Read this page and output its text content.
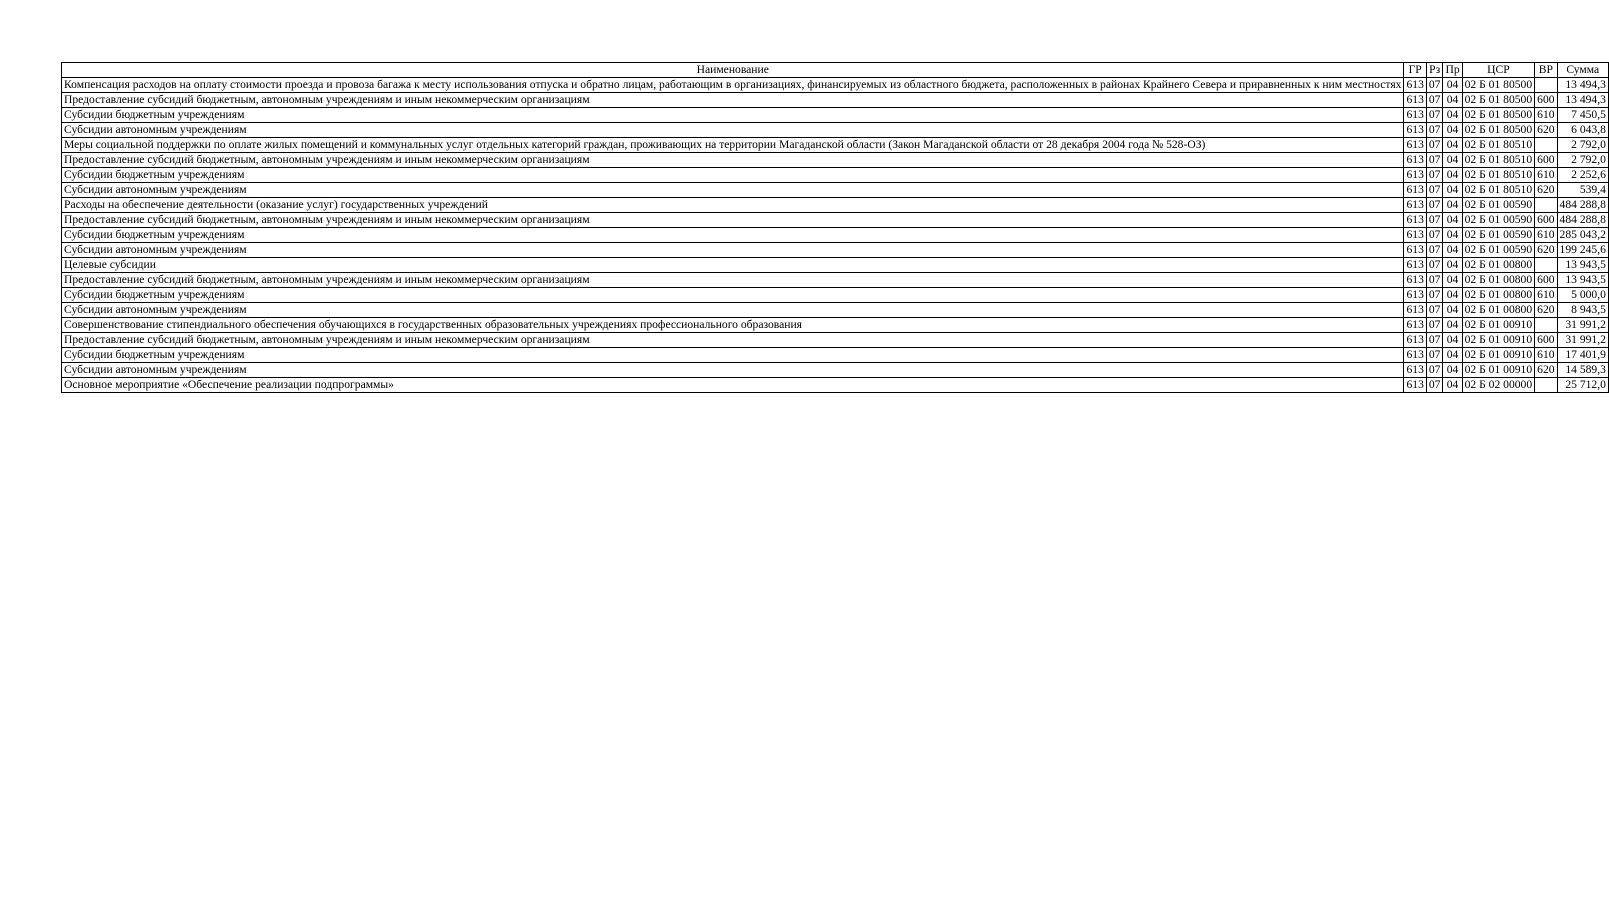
Наименование	ГР	Рз	Пр	ЦСР	ВР	Сумма
Компенсация расходов на оплату стоимости проезда и провоза багажа к месту использования отпуска и обратно лицам, работающим в организациях, финансируемых из областного бюджета, расположенных в районах Крайнего Севера и приравненных к ним местностях	613	07	04	02 Б 01 80500		13 494,3
Предоставление субсидий бюджетным, автономным учреждениям и иным некоммерческим организациям	613	07	04	02 Б 01 80500	600	13 494,3
Субсидии бюджетным учреждениям	613	07	04	02 Б 01 80500	610	7 450,5
Субсидии автономным учреждениям	613	07	04	02 Б 01 80500	620	6 043,8
Меры социальной поддержки по оплате жилых помещений и коммунальных услуг отдельных категорий граждан, проживающих на территории Магаданской области (Закон Магаданской области от 28 декабря 2004 года № 528-ОЗ)	613	07	04	02 Б 01 80510		2 792,0
Предоставление субсидий бюджетным, автономным учреждениям и иным некоммерческим организациям	613	07	04	02 Б 01 80510	600	2 792,0
Субсидии бюджетным учреждениям	613	07	04	02 Б 01 80510	610	2 252,6
Субсидии автономным учреждениям	613	07	04	02 Б 01 80510	620	539,4
Расходы на обеспечение деятельности (оказание услуг) государственных учреждений	613	07	04	02 Б 01 00590		484 288,8
Предоставление субсидий бюджетным, автономным учреждениям и иным некоммерческим организациям	613	07	04	02 Б 01 00590	600	484 288,8
Субсидии бюджетным учреждениям	613	07	04	02 Б 01 00590	610	285 043,2
Субсидии автономным учреждениям	613	07	04	02 Б 01 00590	620	199 245,6
Целевые субсидии	613	07	04	02 Б 01 00800		13 943,5
Предоставление субсидий бюджетным, автономным учреждениям и иным некоммерческим организациям	613	07	04	02 Б 01 00800	600	13 943,5
Субсидии бюджетным учреждениям	613	07	04	02 Б 01 00800	610	5 000,0
Субсидии автономным учреждениям	613	07	04	02 Б 01 00800	620	8 943,5
Совершенствование стипендиального обеспечения обучающихся в государственных образовательных учреждениях профессионального образования	613	07	04	02 Б 01 00910		31 991,2
Предоставление субсидий бюджетным, автономным учреждениям и иным некоммерческим организациям	613	07	04	02 Б 01 00910	600	31 991,2
Субсидии бюджетным учреждениям	613	07	04	02 Б 01 00910	610	17 401,9
Субсидии автономным учреждениям	613	07	04	02 Б 01 00910	620	14 589,3
Основное мероприятие «Обеспечение реализации подпрограммы»	613	07	04	02 Б 02 00000		25 712,0
